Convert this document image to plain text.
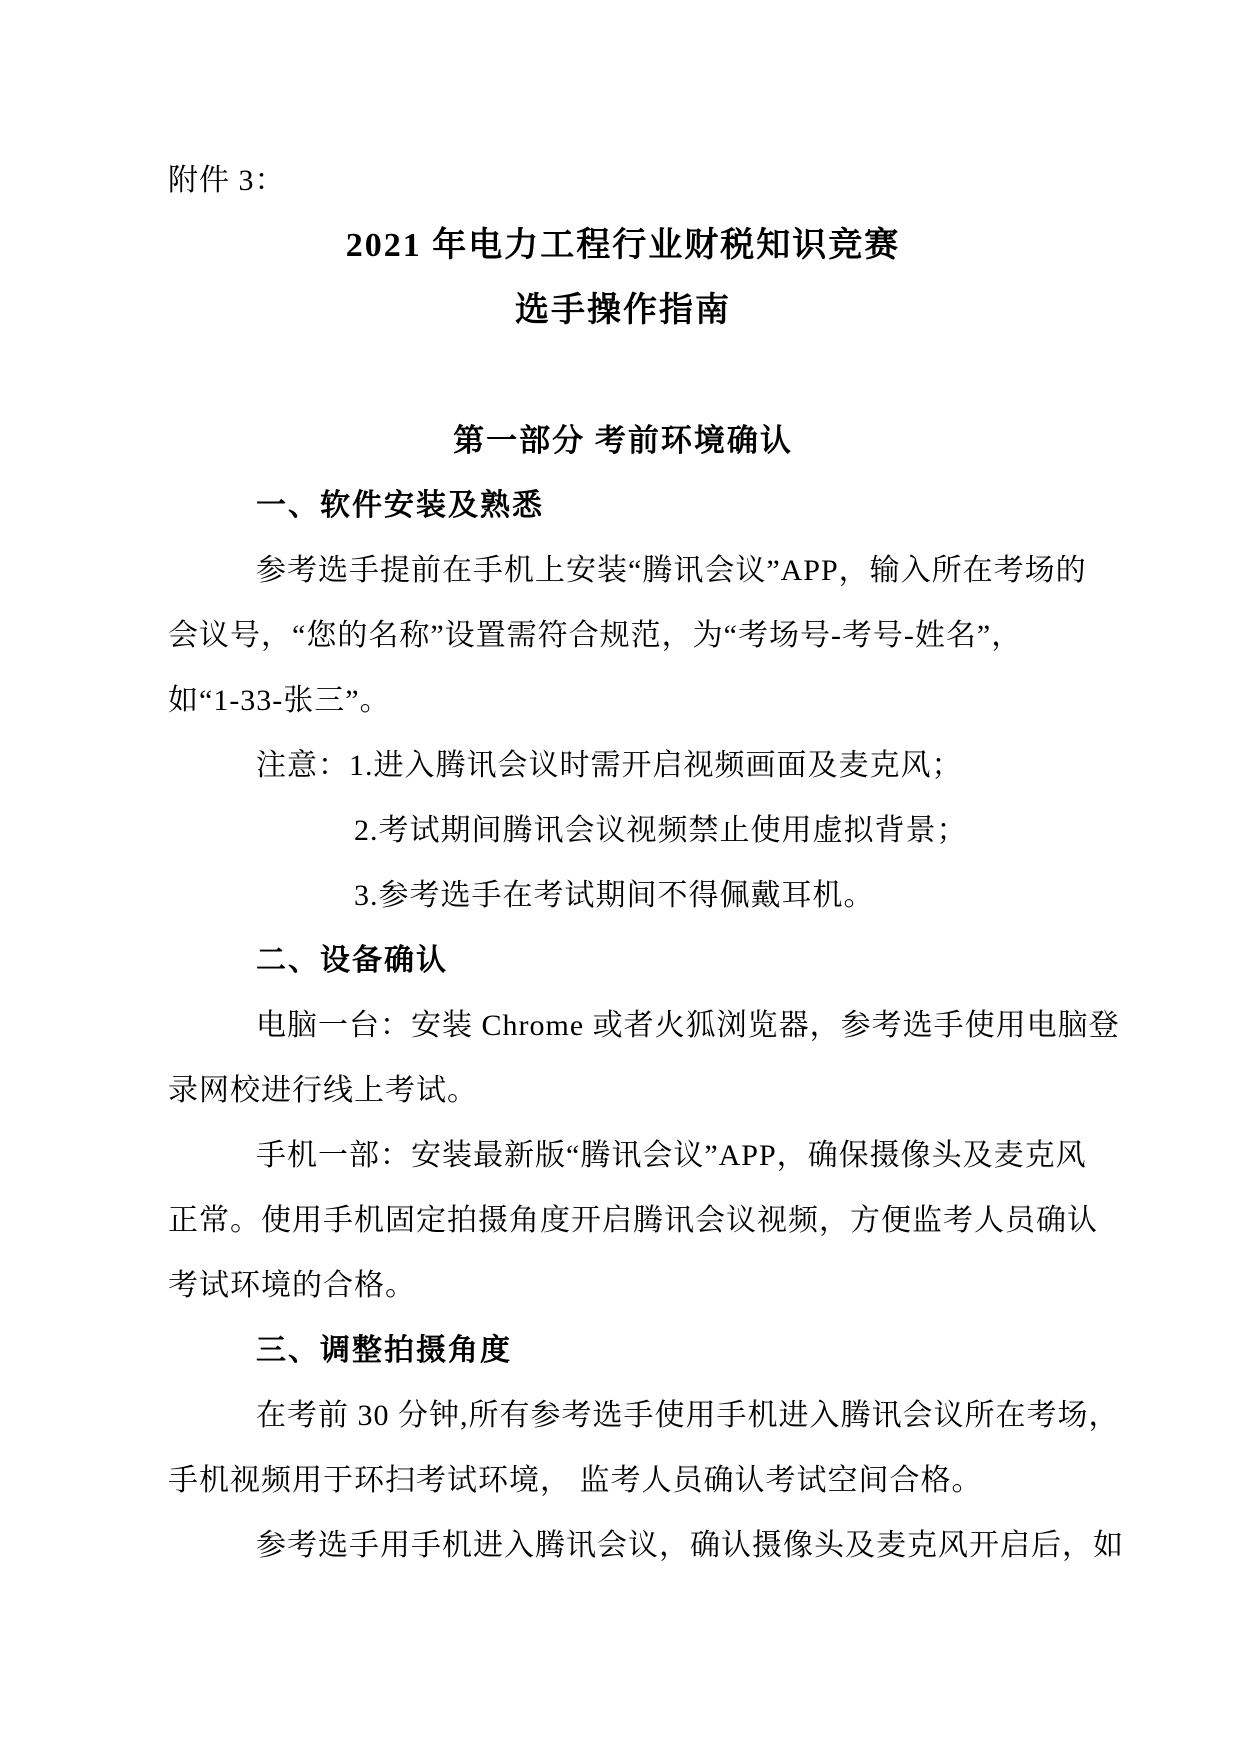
附件 3：
2021 年电力工程行业财税知识竞赛
选手操作指南
第一部分 考前环境确认
一、软件安装及熟悉
参考选手提前在手机上安装“腾讯会议”APP，输入所在考场的
会议号，“您的名称”设置需符合规范，为“考场号-考号-姓名”，
如“1-33-张三”。
注意：1.进入腾讯会议时需开启视频画面及麦克风；
2.考试期间腾讯会议视频禁止使用虚拟背景；
3.参考选手在考试期间不得佩戴耳机。
二、设备确认
电脑一台：安装 Chrome 或者火狐浏览器，参考选手使用电脑登
录网校进行线上考试。
手机一部：安装最新版“腾讯会议”APP，确保摄像头及麦克风
正常。使用手机固定拍摄角度开启腾讯会议视频，方便监考人员确认
考试环境的合格。
三、调整拍摄角度
在考前 30 分钟,所有参考选手使用手机进入腾讯会议所在考场，
手机视频用于环扫考试环境， 监考人员确认考试空间合格。
参考选手用手机进入腾讯会议，确认摄像头及麦克风开启后，如
